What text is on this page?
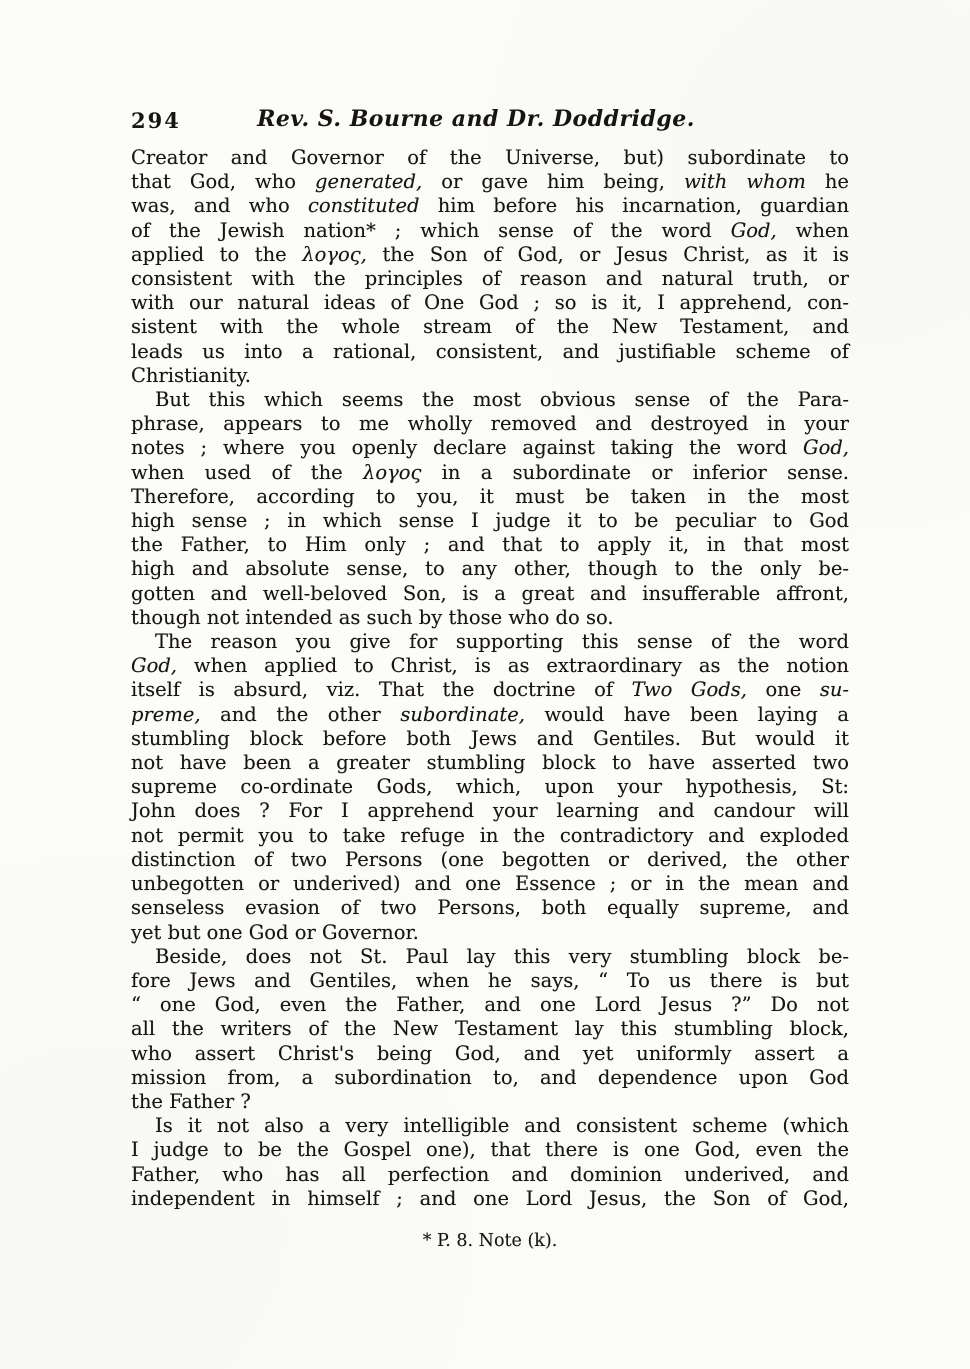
294	Rev. S. Bourne and Dr. Doddridge.
Creator and Governor of the Universe, but) subordinate to
that God, who generated, or gave him being, with whom he
was, and who constituted him before his incarnation, guardian
of the Jewish nation* ; which sense of the word God, when
applied to the λογος, the Son of God, or Jesus Christ, as it is
consistent with the principles of reason and natural truth, or
with our natural ideas of One God ; so is it, I apprehend, con-
sistent with the whole stream of the New Testament, and
leads us into a rational, consistent, and justifiable scheme of
Christianity.
But this which seems the most obvious sense of the Para-
phrase, appears to me wholly removed and destroyed in your
notes ; where you openly declare against taking the word God,
when used of the λογος in a subordinate or inferior sense.
Therefore, according to you, it must be taken in the most
high sense ; in which sense I judge it to be peculiar to God
the Father, to Him only ; and that to apply it, in that most
high and absolute sense, to any other, though to the only be-
gotten and well-beloved Son, is a great and insufferable affront,
though not intended as such by those who do so.
The reason you give for supporting this sense of the word
God, when applied to Christ, is as extraordinary as the notion
itself is absurd, viz. That the doctrine of Two Gods, one su-
preme, and the other subordinate, would have been laying a
stumbling block before both Jews and Gentiles. But would it
not have been a greater stumbling block to have asserted two
supreme co-ordinate Gods, which, upon your hypothesis, St:
John does ? For I apprehend your learning and candour will
not permit you to take refuge in the contradictory and exploded
distinction of two Persons (one begotten or derived, the other
unbegotten or underived) and one Essence ; or in the mean and
senseless evasion of two Persons, both equally supreme, and
yet but one God or Governor.
Beside, does not St. Paul lay this very stumbling block be-
fore Jews and Gentiles, when he says, “ To us there is but
“ one God, even the Father, and one Lord Jesus ?” Do not
all the writers of the New Testament lay this stumbling block,
who assert Christ's being God, and yet uniformly assert a
mission from, a subordination to, and dependence upon God
the Father ?
Is it not also a very intelligible and consistent scheme (which
I judge to be the Gospel one), that there is one God, even the
Father, who has all perfection and dominion underived, and
independent in himself ; and one Lord Jesus, the Son of God,
* P. 8. Note (k).
